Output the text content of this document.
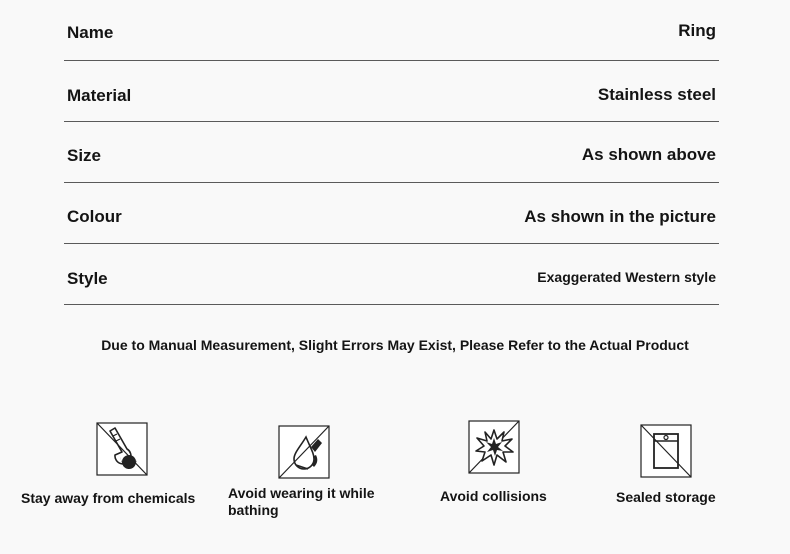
Name	Ring
Material	Stainless steel
Size	As shown above
Colour	As shown in the picture
Style	Exaggerated Western style
Due to Manual Measurement, Slight Errors May Exist, Please Refer to the Actual Product
Stay away from chemicals	Avoid wearing it while bathing
Avoid collisions	Sealed storage
